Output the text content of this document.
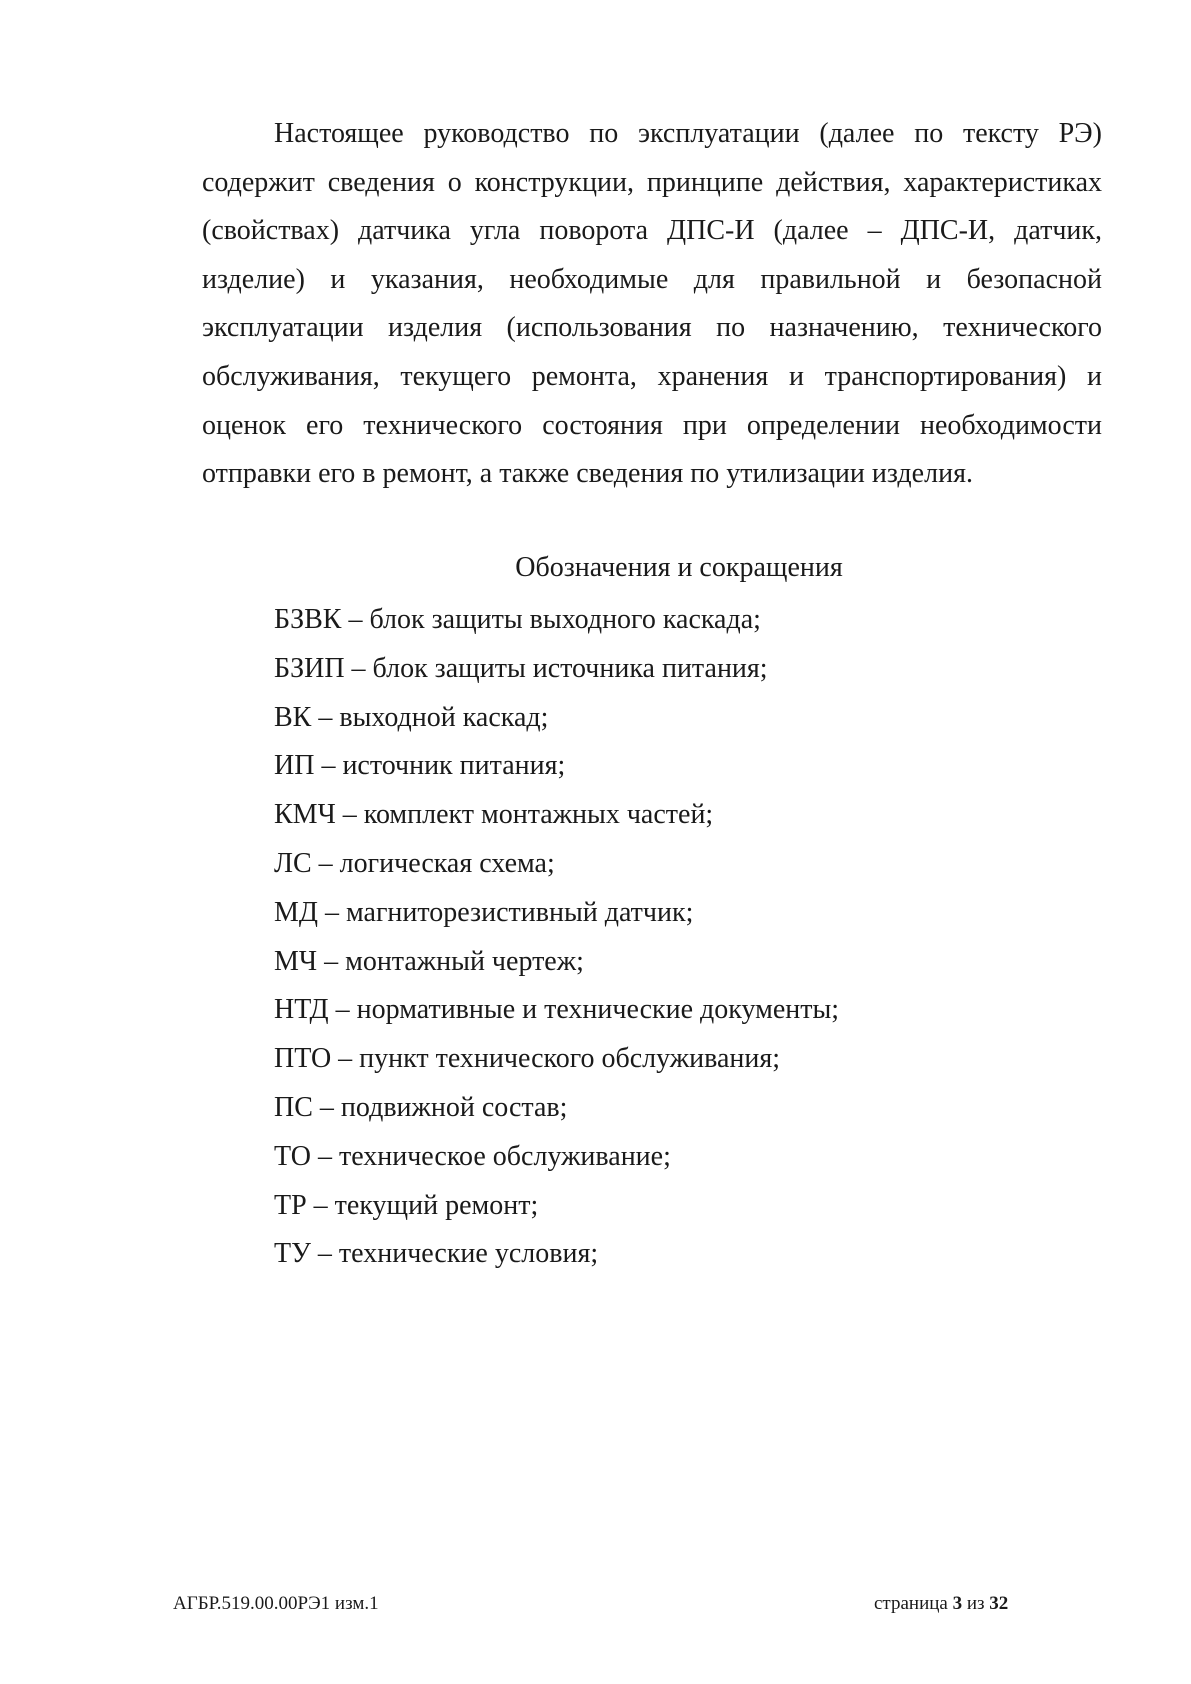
Настоящее руководство по эксплуатации (далее по тексту РЭ) содержит сведения о конструкции, принципе действия, характеристиках (свойствах) датчика угла поворота ДПС-И (далее – ДПС-И, датчик, изделие) и указания, необходимые для правильной и безопасной эксплуатации изделия (использования по назначению, технического обслуживания, текущего ремонта, хранения и транспортирования) и оценок его технического состояния при определении необходимости отправки его в ремонт, а также сведения по утилизации изделия.

Обозначения и сокращения
БЗВК – блок защиты выходного каскада;
БЗИП – блок защиты источника питания;
ВК – выходной каскад;
ИП – источник питания;
КМЧ – комплект монтажных частей;
ЛС – логическая схема;
МД – магниторезистивный датчик;
МЧ – монтажный чертеж;
НТД – нормативные и технические документы;
ПТО – пункт технического обслуживания;
ПС – подвижной состав;
ТО – техническое обслуживание;
ТР – текущий ремонт;
ТУ – технические условия;
АГБР.519.00.00РЭ1 изм.1	страница 3 из 32
